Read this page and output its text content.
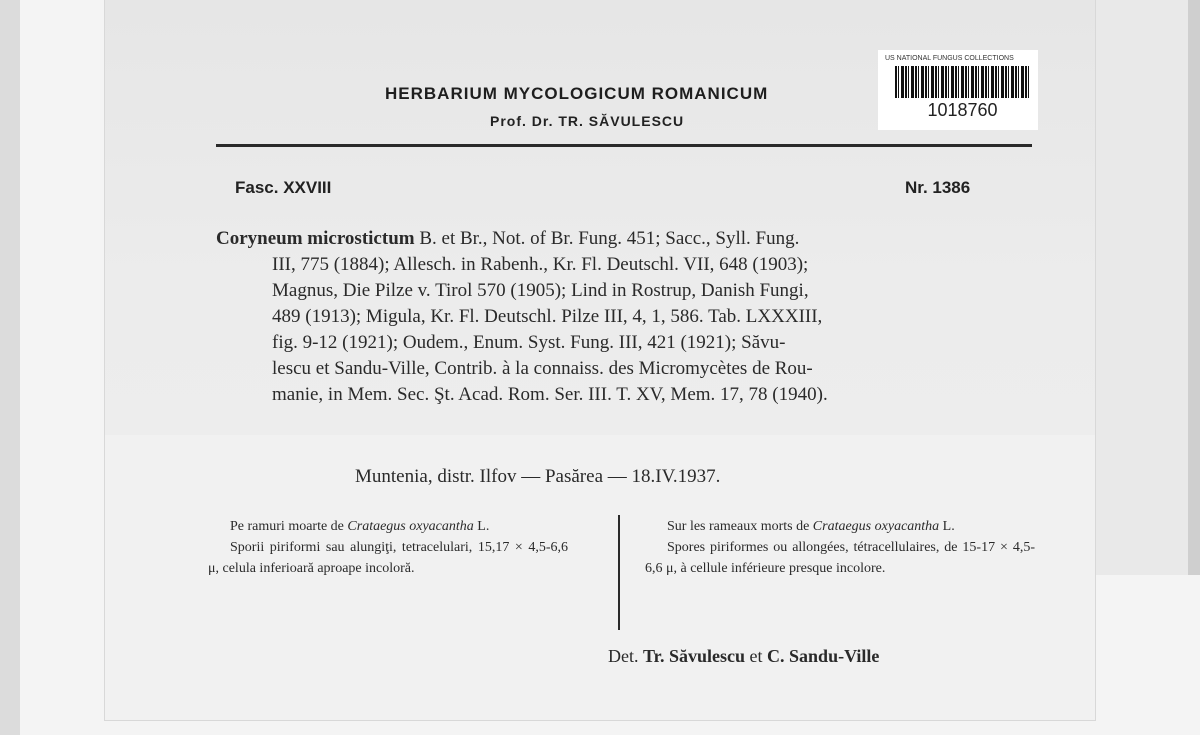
HERBARIUM MYCOLOGICUM ROMANICUM
Prof. Dr. TR. SĂVULESCU
US NATIONAL FUNGUS COLLECTIONS
1018760
Fasc. XXVIII	Nr. 1386
Coryneum microstictum B. et Br., Not. of Br. Fung. 451; Sacc., Syll. Fung.
III, 775 (1884); Allesch. in Rabenh., Kr. Fl. Deutschl. VII, 648 (1903);
Magnus, Die Pilze v. Tirol 570 (1905); Lind in Rostrup, Danish Fungi,
489 (1913); Migula, Kr. Fl. Deutschl. Pilze III, 4, 1, 586. Tab. LXXXIII,
fig. 9-12 (1921); Oudem., Enum. Syst. Fung. III, 421 (1921); Săvu-
lescu et Sandu-Ville, Contrib. à la connaiss. des Micromycètes de Rou-
manie, in Mem. Sec. Şt. Acad. Rom. Ser. III. T. XV, Mem. 17, 78 (1940).
Muntenia, distr. Ilfov — Pasărea — 18.IV.1937.

Pe ramuri moarte de Crataegus oxyacantha L.

Sporii piriformi sau alungiţi, tetracelulari, 15,17 × 4,5-6,6 μ, celula inferioară aproape incoloră.

Sur les rameaux morts de Crataegus oxyacantha L.

Spores piriformes ou allongées, tétracellulaires, de 15-17 × 4,5-6,6 μ, à cellule inférieure presque incolore.

Det. Tr. Săvulescu et C. Sandu-Ville
